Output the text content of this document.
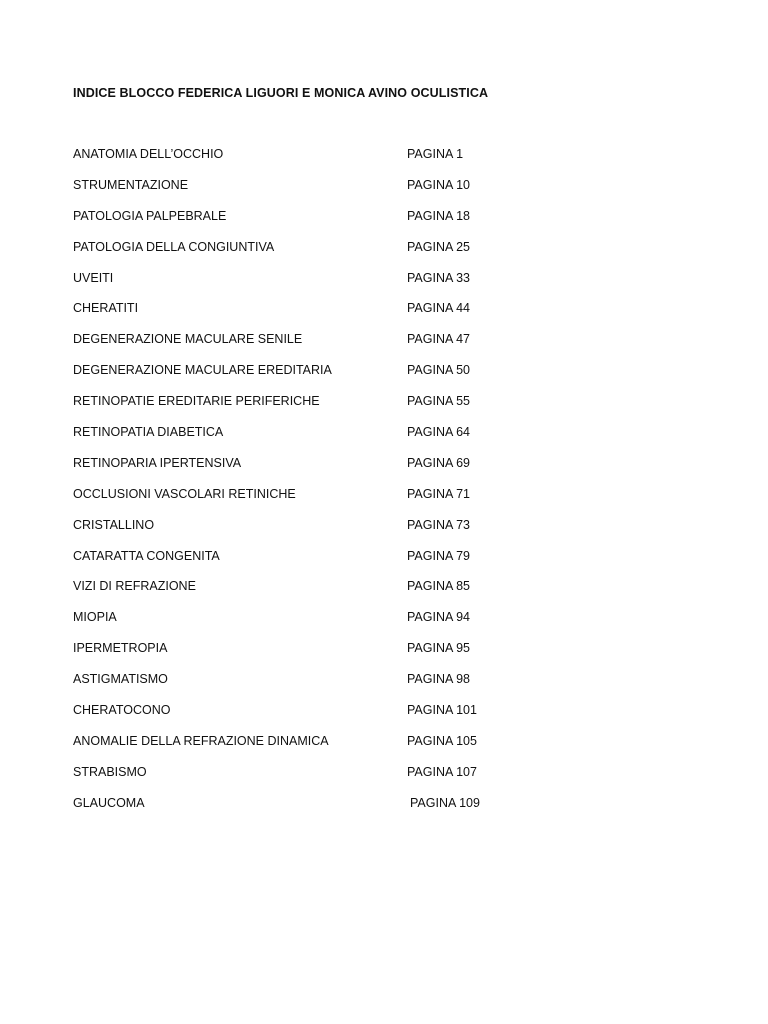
INDICE BLOCCO FEDERICA LIGUORI E MONICA AVINO OCULISTICA
ANATOMIA DELL’OCCHIO	PAGINA 1
STRUMENTAZIONE	PAGINA 10
PATOLOGIA PALPEBRALE	PAGINA 18
PATOLOGIA DELLA CONGIUNTIVA	PAGINA 25
UVEITI	PAGINA 33
CHERATITI	PAGINA 44
DEGENERAZIONE MACULARE SENILE	PAGINA 47
DEGENERAZIONE MACULARE EREDITARIA	PAGINA 50
RETINOPATIE EREDITARIE PERIFERICHE	PAGINA 55
RETINOPATIA DIABETICA	PAGINA 64
RETINOPARIA IPERTENSIVA	PAGINA 69
OCCLUSIONI VASCOLARI RETINICHE	PAGINA 71
CRISTALLINO	PAGINA 73
CATARATTA CONGENITA	PAGINA 79
VIZI DI REFRAZIONE	PAGINA 85
MIOPIA	PAGINA 94
IPERMETROPIA	PAGINA 95
ASTIGMATISMO	PAGINA 98
CHERATOCONO	PAGINA 101
ANOMALIE DELLA REFRAZIONE DINAMICA	PAGINA 105
STRABISMO	PAGINA 107
GLAUCOMA	PAGINA 109
